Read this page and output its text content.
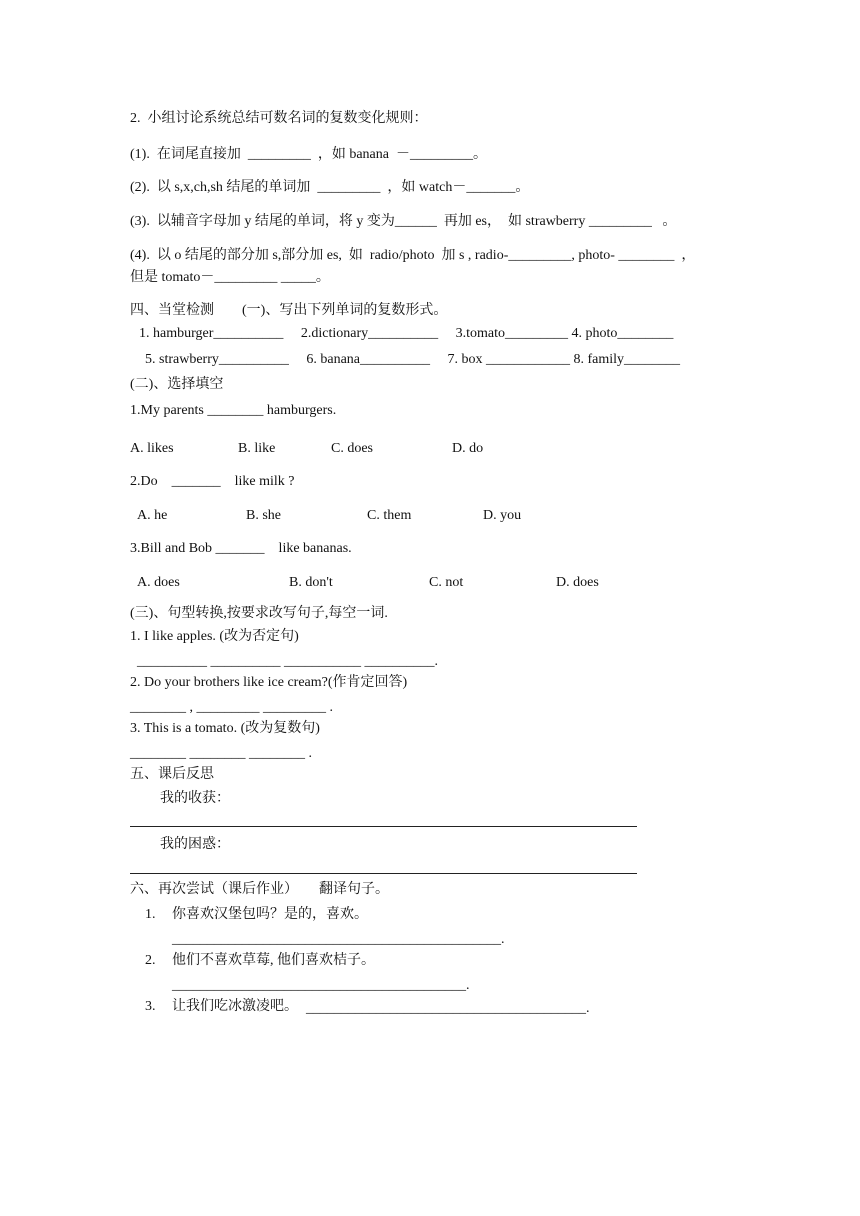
2.  小组讨论系统总结可数名词的复数变化规则：
(1).  在词尾直接加  _________  ，如 banana  －_________。
(2).  以 s,x,ch,sh 结尾的单词加  _________  ，如 watch－_______。
(3).  以辅音字母加 y 结尾的单词，将 y 变为______  再加 es，  如 strawberry _________   。
(4).  以 o 结尾的部分加 s,部分加 es,  如  radio/photo  加 s , radio-_________, photo- ________  ，
但是 tomato－_________ _____。
四、当堂检测        (一)、写出下列单词的复数形式。
1. hamburger__________     2.dictionary__________     3.tomato_________ 4. photo________
5. strawberry__________     6. banana__________     7. box ____________ 8. family________
(二)、选择填空
1.My parents ________ hamburgers.
A. likes	B. like	C. does	D. do
2.Do    _______    like milk ?
A. he	B. she	C. them	D. you
3.Bill and Bob _______    like bananas.
A. does	B. don't	C. not	D. does
(三)、句型转换,按要求改写句子,每空一词.
1. I like apples. (改为否定句)
__________ __________ ___________ __________.
2. Do your brothers like ice cream?(作肯定回答)
________ , _________ _________ .
3. This is a tomato. (改为复数句)
________ ________ ________ .
五、课后反思
我的收获：
我的困惑：
六、再次尝试（课后作业）      翻译句子。
1. 你喜欢汉堡包吗？是的，喜欢。
_______________________________________________.
2. 他们不喜欢草莓, 他们喜欢桔子。
__________________________________________.
3. 让我们吃冰激凌吧。 ________________________________________.
